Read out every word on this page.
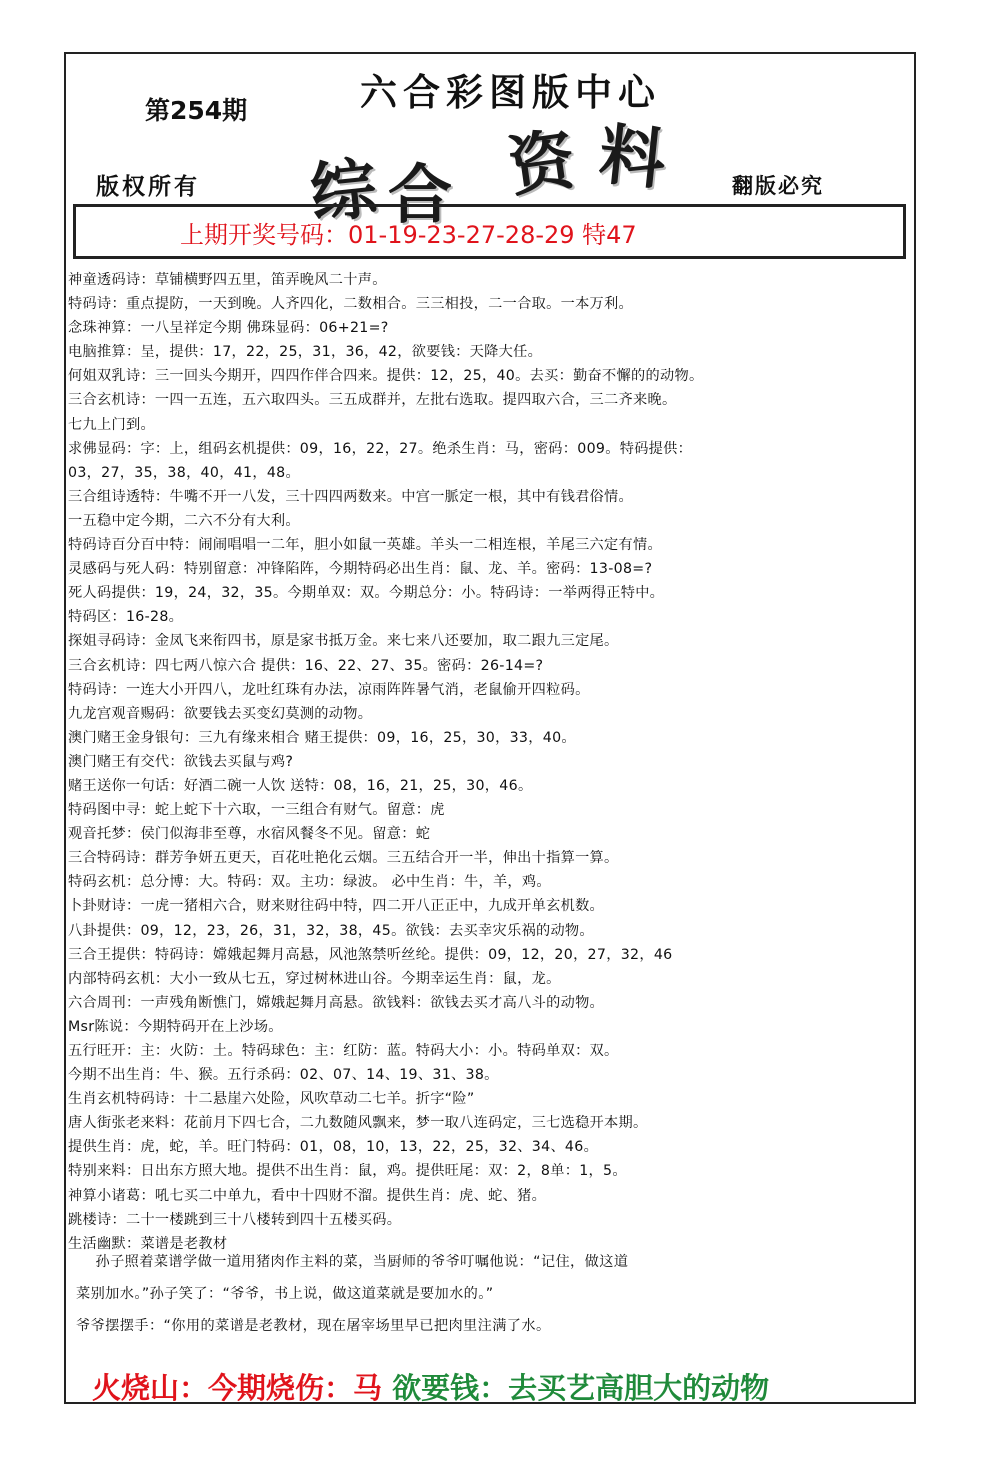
第254期	六合彩图版中心
综 合 资 料
版权所有	翻版必究
上期开奖号码：01-19-23-27-28-29 特47
神童透码诗：草铺横野四五里，笛弄晚风二十声。
特码诗：重点提防，一天到晚。人齐四化，二数相合。三三相投，二一合取。一本万利。
念珠神算：一八呈祥定今期 佛珠显码：06+21=?
电脑推算：呈，提供：17，22，25，31，36，42，欲要钱：天降大任。
何姐双乳诗：三一回头今期开，四四作伴合四来。提供：12，25，40。去买：勤奋不懈的的动物。
三合玄机诗：一四一五连，五六取四头。三五成群并，左批右选取。提四取六合，三二齐来晚。
七九上门到。
求佛显码：字：上，组码玄机提供：09，16，22，27。绝杀生肖：马，密码：009。特码提供：
03，27，35，38，40，41，48。
三合组诗透特：牛嘴不开一八发，三十四四两数来。中宫一脈定一根，其中有钱君俗情。
一五稳中定今期，二六不分有大利。
特码诗百分百中特：闹闹唱唱一二年，胆小如鼠一英雄。羊头一二相连根，羊尾三六定有情。
灵感码与死人码：特别留意：冲锋陷阵，今期特码必出生肖：鼠、龙、羊。密码：13-08=?
死人码提供：19，24，32，35。今期单双：双。今期总分：小。特码诗：一举两得正特中。
特码区：16-28。
探姐寻码诗：金凤飞来衔四书，原是家书抵万金。来七来八还要加，取二跟九三定尾。
三合玄机诗：四七两八惊六合 提供：16、22、27、35。密码：26-14=?
特码诗：一连大小开四八，龙吐红珠有办法，凉雨阵阵暑气消，老鼠偷开四粒码。
九龙宫观音赐码：欲要钱去买变幻莫测的动物。
澳门赌王金身银句：三九有缘来相合 赌王提供：09，16，25，30，33，40。
澳门赌王有交代：欲钱去买鼠与鸡?
赌王送你一句话：好酒二碗一人饮 送特：08，16，21，25，30，46。
特码图中寻：蛇上蛇下十六取，一三组合有财气。留意：虎
观音托梦：侯门似海非至尊，水宿风餐冬不见。留意：蛇
三合特码诗：群芳争妍五更天，百花吐艳化云烟。三五结合开一半，伸出十指算一算。
特码玄机：总分博：大。特码：双。主功：绿波。 必中生肖：牛，羊，鸡。
卜卦财诗：一虎一猪相六合，财来财往码中特，四二开八正正中，九成开单玄机数。
八卦提供：09，12，23，26，31，32，38，45。欲钱：去买幸灾乐祸的动物。
三合王提供：特码诗：嫦娥起舞月高悬，风池煞禁听丝纶。提供：09，12，20，27，32，46
内部特码玄机：大小一致从七五，穿过树林进山谷。今期幸运生肖：鼠，龙。
六合周刊：一声残角断憔门，嫦娥起舞月高悬。欲钱料：欲钱去买才高八斗的动物。
Msr陈说：今期特码开在上沙场。
五行旺开：主：火防：土。特码球色：主：红防：蓝。特码大小：小。特码单双：双。
今期不出生肖：牛、猴。五行杀码：02、07、14、19、31、38。
生肖玄机特码诗：十二悬崖六处险，风吹草动二七羊。折字“险”
唐人街张老来料：花前月下四七合，二九数随风飘来，梦一取八连码定，三七选稳开本期。
提供生肖：虎，蛇，羊。旺门特码：01，08，10，13，22，25，32、34、46。
特别来料：日出东方照大地。提供不出生肖：鼠，鸡。提供旺尾：双：2，8单：1，5。
神算小诸葛：吼七买二中单九，看中十四财不溜。提供生肖：虎、蛇、猪。
跳楼诗：二十一楼跳到三十八楼转到四十五楼买码。
生活幽默：菜谱是老教材
　 孙子照着菜谱学做一道用猪肉作主料的菜，当厨师的爷爷叮嘱他说：“记住，做这道
菜别加水。”孙子笑了：“爷爷，书上说，做这道菜就是要加水的。”
爷爷摆摆手：“你用的菜谱是老教材，现在屠宰场里早已把肉里注满了水。
火烧山：今期烧伤：马 欲要钱：去买艺高胆大的动物
